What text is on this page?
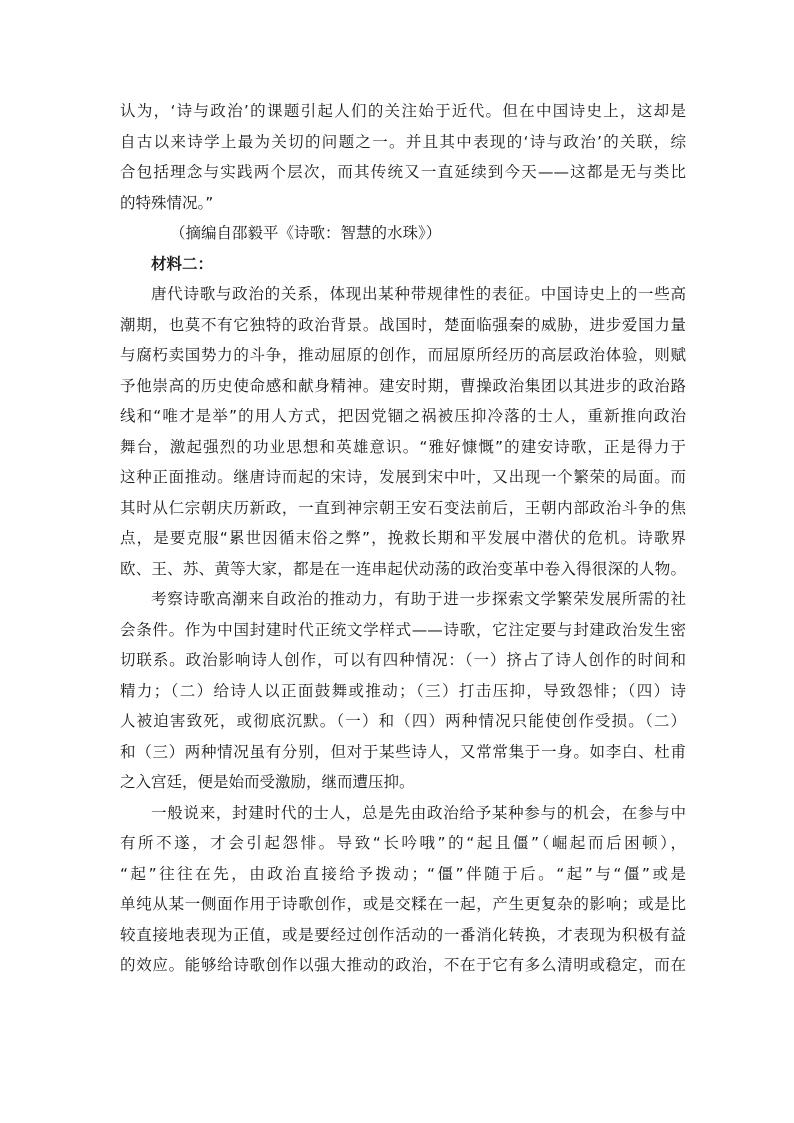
认为，‘诗与政治’的课题引起人们的关注始于近代。但在中国诗史上，这却是
自古以来诗学上最为关切的问题之一。并且其中表现的‘诗与政治’的关联，综
合包括理念与实践两个层次，而其传统又一直延续到今天——这都是无与类比
的特殊情况。”
（摘编自邵毅平《诗歌：智慧的水珠》）
材料二：
唐代诗歌与政治的关系，体现出某种带规律性的表征。中国诗史上的一些高
潮期，也莫不有它独特的政治背景。战国时，楚面临强秦的威胁，进步爱国力量
与腐朽卖国势力的斗争，推动屈原的创作，而屈原所经历的高层政治体验，则赋
予他崇高的历史使命感和献身精神。建安时期，曹操政治集团以其进步的政治路
线和“唯才是举”的用人方式，把因党锢之祸被压抑冷落的士人，重新推向政治
舞台，激起强烈的功业思想和英雄意识。“雅好慷慨”的建安诗歌，正是得力于
这种正面推动。继唐诗而起的宋诗，发展到宋中叶，又出现一个繁荣的局面。而
其时从仁宗朝庆历新政，一直到神宗朝王安石变法前后，王朝内部政治斗争的焦
点，是要克服“累世因循末俗之弊”，挽救长期和平发展中潜伏的危机。诗歌界
欧、王、苏、黄等大家，都是在一连串起伏动荡的政治变革中卷入得很深的人物。
考察诗歌高潮来自政治的推动力，有助于进一步探索文学繁荣发展所需的社
会条件。作为中国封建时代正统文学样式——诗歌，它注定要与封建政治发生密
切联系。政治影响诗人创作，可以有四种情况：（一）挤占了诗人创作的时间和
精力；（二）给诗人以正面鼓舞或推动；（三）打击压抑，导致怨悱；（四）诗
人被迫害致死，或彻底沉默。（一）和（四）两种情况只能使创作受损。（二）
和（三）两种情况虽有分别，但对于某些诗人，又常常集于一身。如李白、杜甫
之入宫廷，便是始而受激励，继而遭压抑。
一般说来，封建时代的士人，总是先由政治给予某种参与的机会，在参与中
有所不遂，才会引起怨悱。导致“长吟哦”的“起且僵”（崛起而后困顿），
“起”往往在先，由政治直接给予拨动；“僵”伴随于后。“起”与“僵”或是
单纯从某一侧面作用于诗歌创作，或是交糅在一起，产生更复杂的影响；或是比
较直接地表现为正值，或是要经过创作活动的一番消化转换，才表现为积极有益
的效应。能够给诗歌创作以强大推动的政治，不在于它有多么清明或稳定，而在
